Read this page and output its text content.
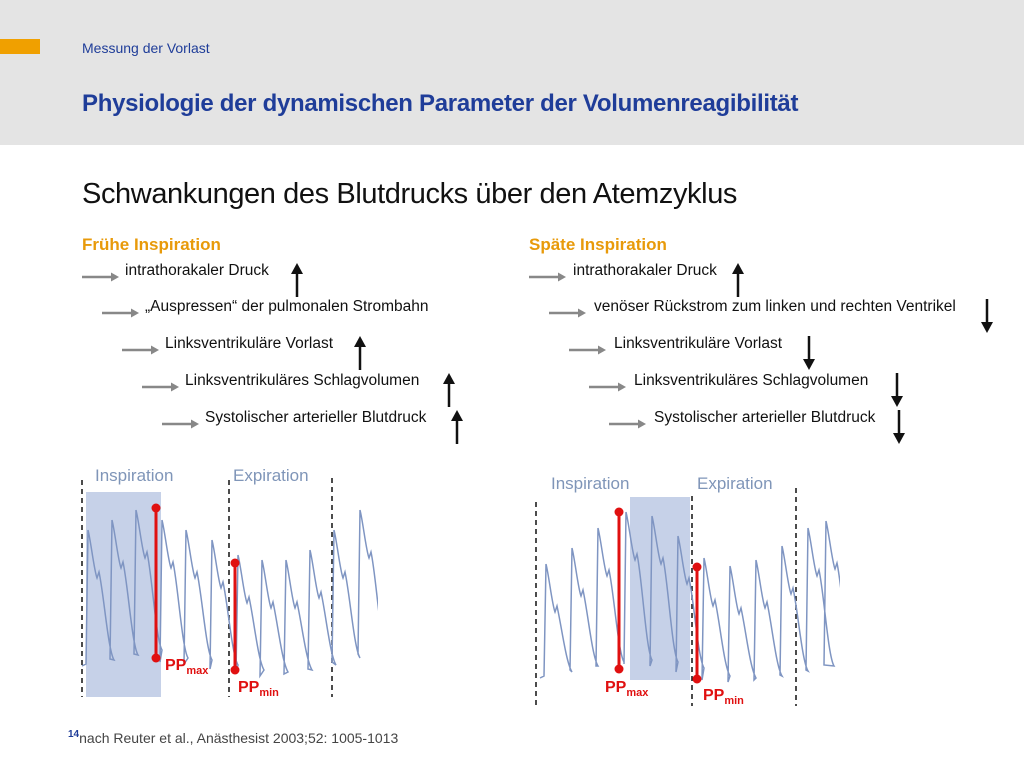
Messung der Vorlast
Physiologie der dynamischen Parameter der Volumenreagibilität
Schwankungen des Blutdrucks über den Atemzyklus
Frühe Inspiration	Späte Inspiration
intrathorakaler Druck
„Auspressen“ der pulmonalen Strombahn
Linksventrikuläre Vorlast
Linksventrikuläres Schlagvolumen
Systolischer arterieller Blutdruck
intrathorakaler Druck
venöser Rückstrom zum linken und rechten Ventrikel
Linksventrikuläre Vorlast
Linksventrikuläres Schlagvolumen
Systolischer arterieller Blutdruck
Inspiration	Expiration
$PP_{max}$
$PP_{min}$
Inspiration	Expiration
$PP_{max}$	$PP_{min}$
$^{14}$nach Reuter et al., Anästhesist 2003;52: 1005-1013
